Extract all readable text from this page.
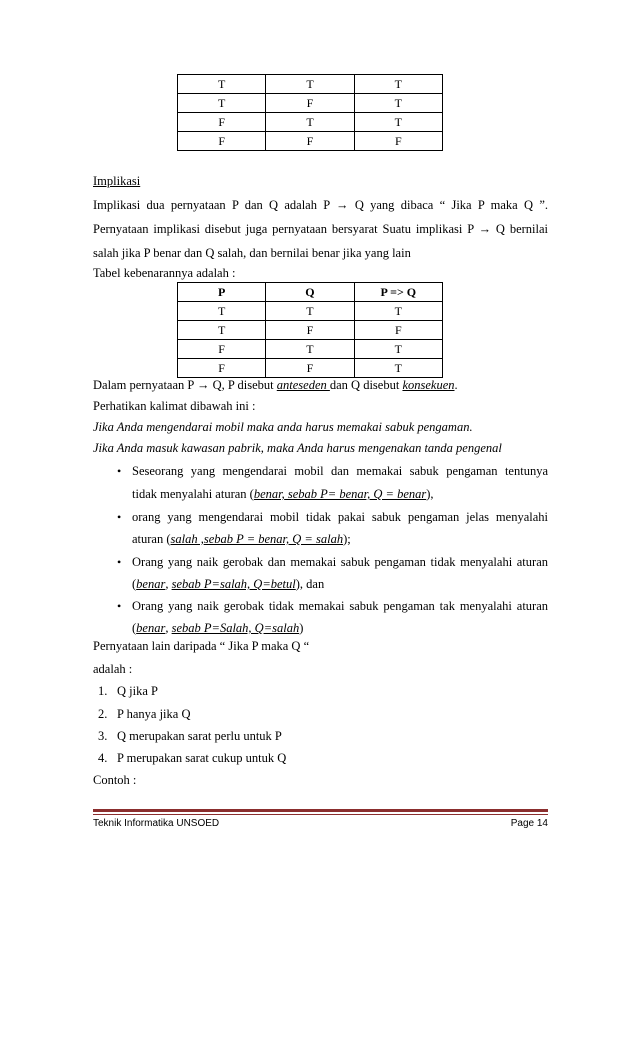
T	T	T
T	F	T
F	T	T
F	F	F
Implikasi
Implikasi dua pernyataan P dan Q adalah P → Q yang dibaca “ Jika P maka Q ”.
Pernyataan implikasi disebut juga pernyataan bersyarat Suatu implikasi P → Q bernilai
salah jika P benar dan Q salah, dan bernilai benar jika yang lain
Tabel kebenarannya adalah :
P	Q	P => Q
T	T	T
T	F	F
F	T	T
F	F	T
Dalam pernyataan P → Q, P disebut anteseden dan Q disebut konsekuen.
Perhatikan kalimat dibawah ini :
Jika Anda mengendarai mobil maka anda harus memakai sabuk pengaman.
Jika Anda masuk kawasan pabrik, maka Anda harus mengenakan tanda pengenal
• Seseorang yang mengendarai mobil dan memakai sabuk pengaman tentunya
tidak menyalahi aturan (benar, sebab P= benar, Q = benar),
• orang yang mengendarai mobil tidak pakai sabuk pengaman jelas menyalahi
aturan (salah ,sebab P = benar, Q = salah);
• Orang yang naik gerobak dan memakai sabuk pengaman tidak menyalahi aturan
(benar, sebab P=salah, Q=betul), dan
• Orang yang naik gerobak tidak memakai sabuk pengaman tak menyalahi aturan
(benar, sebab P=Salah, Q=salah)
Pernyataan lain daripada “ Jika P maka Q “
adalah :
1. Q jika P
2. P hanya jika Q
3. Q merupakan sarat perlu untuk P
4. P merupakan sarat cukup untuk Q
Contoh :
Teknik Informatika UNSOED	Page 14
